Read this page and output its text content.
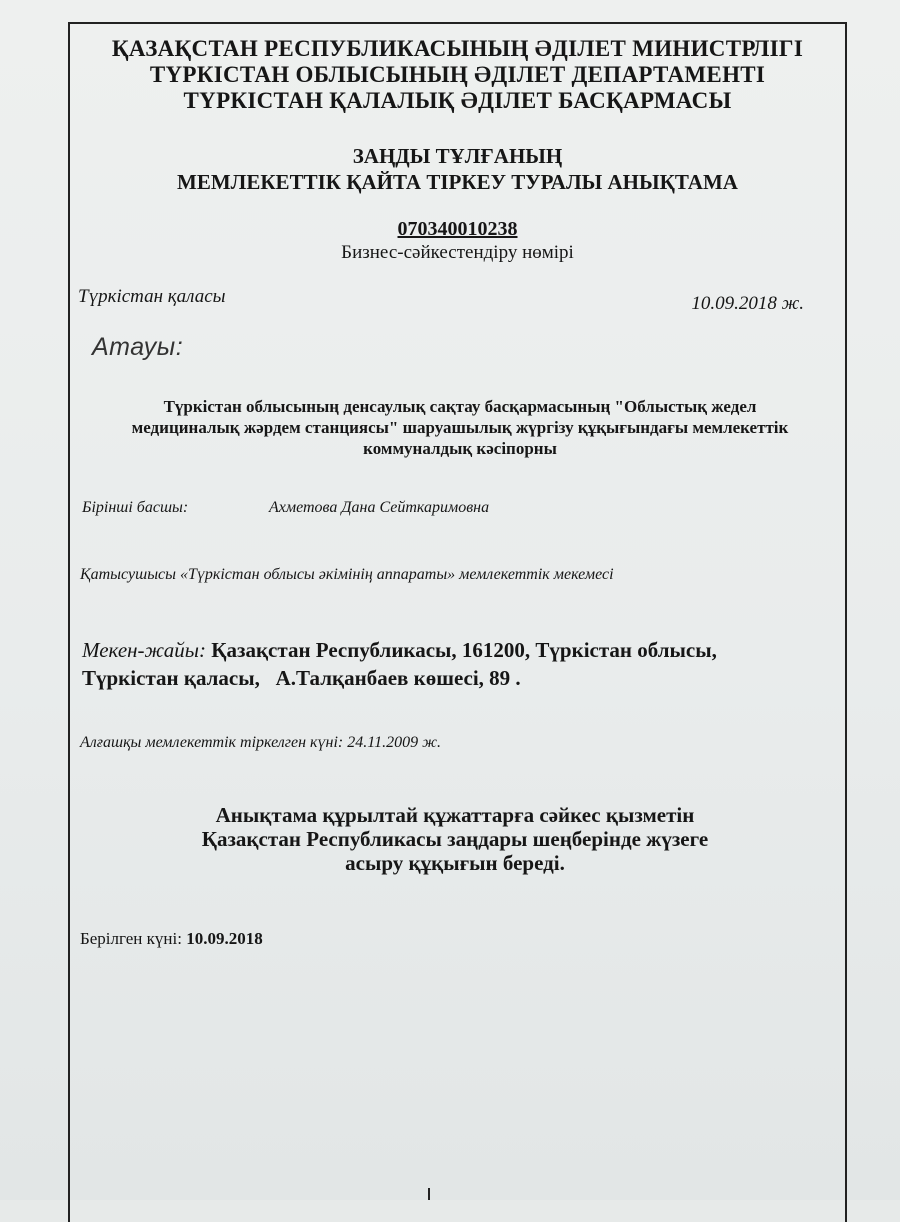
ҚАЗАҚСТАН РЕСПУБЛИКАСЫНЫҢ ӘДІЛЕТ МИНИСТРЛІГІ
ТҮРКІСТАН ОБЛЫСЫНЫҢ ӘДІЛЕТ ДЕПАРТАМЕНТІ
ТҮРКІСТАН ҚАЛАЛЫҚ ӘДІЛЕТ БАСҚАРМАСЫ
ЗАҢДЫ ТҰЛҒАНЫҢ
МЕМЛЕКЕТТІК ҚАЙТА ТІРКЕУ ТУРАЛЫ АНЫҚТАМА
070340010238
Бизнес-сәйкестендіру нөмірі
Түркістан қаласы	10.09.2018 ж.
Атауы:
Түркістан облысының денсаулық сақтау басқармасының "Облыстық жедел
медициналық жәрдем станциясы" шаруашылық жүргізу құқығындағы мемлекеттік
коммуналдық кәсіпорны
Бірінші басшы:	Ахметова Дана Сейткаримовна
Қатысушысы «Түркістан облысы әкімінің аппараты» мемлекеттік мекемесі
Мекен-жайы: Қазақстан Республикасы, 161200, Түркістан облысы,
Түркістан қаласы,   А.Талқанбаев көшесі, 89 .
Алғашқы мемлекеттік тіркелген күні: 24.11.2009 ж.
Анықтама құрылтай құжаттарға сәйкес қызметін
Қазақстан Республикасы заңдары шеңберінде жүзеге
асыру құқығын береді.
Берілген күні: 10.09.2018
